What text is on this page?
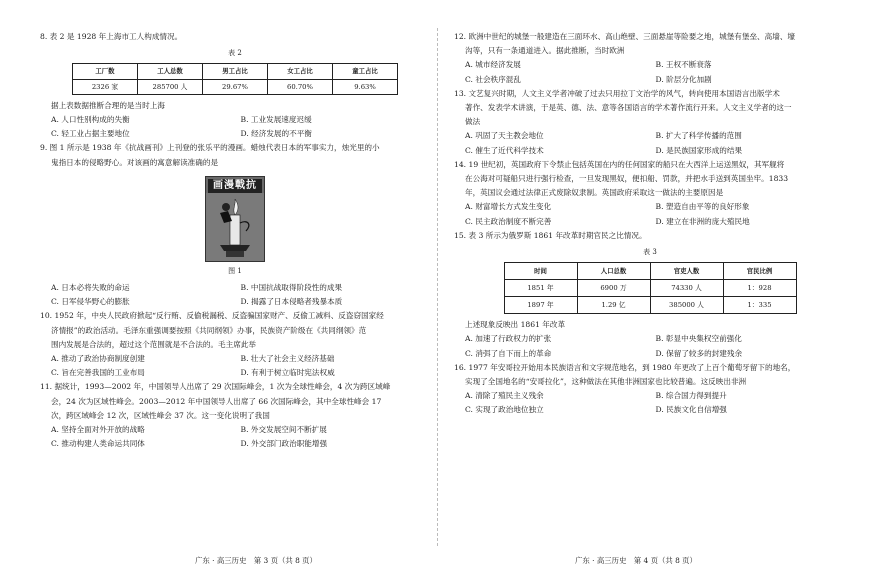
8. 表 2 是 1928 年上海市工人构成情况。

表 2
工厂数	工人总数	男工占比	女工占比	童工占比
2326 家	285700 人	29.67%	60.70%	9.63%

据上表数据推断合理的是当时上海

A. 人口性别构成的失衡	B. 工业发展速度迟缓
C. 轻工业占据主要地位	D. 经济发展的不平衡

9. 图 1 所示是 1938 年《抗战画刊》上刊登的张乐平的漫画。蜡烛代表日本的军事实力，烛光里的小

鬼指日本的侵略野心。对该画的寓意解读准确的是

画漫戰抗
图 1
A. 日本必将失败的命运	B. 中国抗战取得阶段性的成果
C. 日军侵华野心的膨胀	D. 揭露了日本侵略者残暴本质

10. 1952 年，中央人民政府掀起“反行贿、反偷税漏税、反盗骗国家财产、反偷工减料、反盗窃国家经

济情报”的政治活动。毛泽东重强调要按照《共同纲领》办事，民族资产阶级在《共同纲领》范

围内发展是合法的，超过这个范围就是不合法的。毛主席此举

A. 推动了政治协商制度创建	B. 壮大了社会主义经济基础
C. 旨在完善我国的工业布局	D. 有利于树立临时宪法权威

11. 据统计，1993—2002 年，中国领导人出席了 29 次国际峰会，1 次为全球性峰会，4 次为跨区域峰

会，24 次为区域性峰会。2003—2012 年中国领导人出席了 66 次国际峰会，其中全球性峰会 17

次，跨区域峰会 12 次，区域性峰会 37 次。这一变化说明了我国

A. 坚持全面对外开放的战略	B. 外交发展空间不断扩展
C. 推动构建人类命运共同体	D. 外交部门政治职能增强

12. 欧洲中世纪的城堡一般建造在三面环水、高山绝壁、三面悬崖等险要之地，城堡有堡垒、高墙、壕

沟等，只有一条通道进入。据此推断，当时欧洲

A. 城市经济发展	B. 王权不断衰落
C. 社会秩序混乱	D. 阶层分化加剧

13. 文艺复兴时期，人文主义学者冲破了过去只用拉丁文治学的风气，转向使用本国语言出版学术

著作、发表学术讲演，于是英、德、法、意等各国语言的学术著作流行开来。人文主义学者的这一

做法

A. 巩固了天主教会地位	B. 扩大了科学传播的范围
C. 催生了近代科学技术	D. 是民族国家形成的结果

14. 19 世纪初，英国政府下令禁止包括英国在内的任何国家的船只在大西洋上运送黑奴，其军舰将

在公海对可疑船只进行强行检查，一旦发现黑奴，便扣船、罚款，并把水手送到英国坐牢。1833

年，英国议会通过法律正式废除奴隶制。英国政府采取这一做法的主要原因是

A. 财富增长方式发生变化	B. 塑造自由平等的良好形象
C. 民主政治制度不断完善	D. 建立在非洲的庞大殖民地

15. 表 3 所示为俄罗斯 1861 年改革时期官民之比情况。

表 3
时间	人口总数	官吏人数	官民比例
1851 年	6900 万	74330 人	1：928
1897 年	1.29 亿	385000 人	1：335

上述现象反映出 1861 年改革

A. 加速了行政权力的扩张	B. 彰显中央集权空前强化
C. 消弭了自下而上的革命	D. 保留了较多的封建残余

16. 1977 年安哥拉开始用本民族语言和文字规范地名，到 1980 年更改了上百个葡萄牙留下的地名，

实现了全国地名的“安哥拉化”，这种做法在其他非洲国家也比较普遍。这反映出非洲

A. 清除了殖民主义残余	B. 综合国力得到提升
C. 实现了政治地位独立	D. 民族文化自信增强
广东 · 高三历史　第 3 页（共 8 页）	广东 · 高三历史　第 4 页（共 8 页）
